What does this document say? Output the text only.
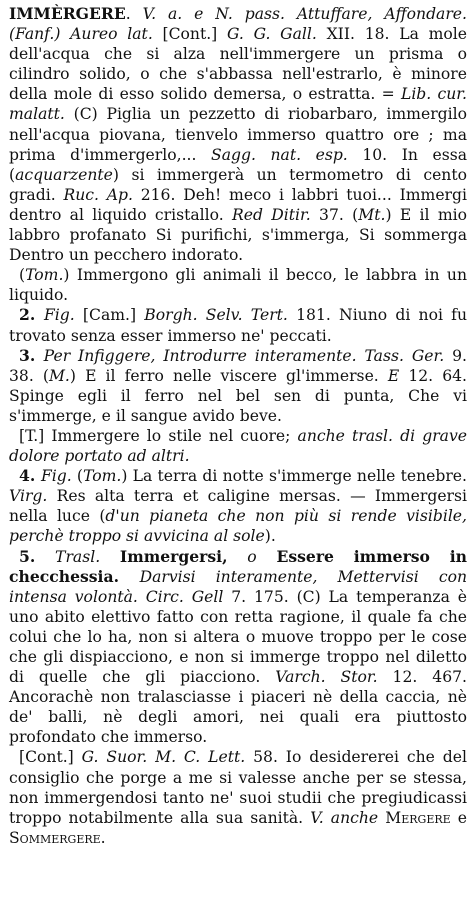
IMMÈRGERE. V. a. e N. pass. Attuffare, Affondare. (Fanf.) Aureo lat. [Cont.] G. G. Gall. XII. 18. La mole dell'acqua che si alza nell'immergere un prisma o cilindro solido, o che s'abbassa nell'estrarlo, è minore della mole di esso solido demersa, o estratta. = Lib. cur. malatt. (C) Piglia un pezzetto di riobarbaro, immergilo nell'acqua piovana, tienvelo immerso quattro ore ; ma prima d'immergerlo,... Sagg. nat. esp. 10. In essa (acquarzente) si immergerà un termometro di cento gradi. Ruc. Ap. 216. Deh! meco i labbri tuoi... Immergi dentro al liquido cristallo. Red Ditir. 37. (Mt.) E il mio labbro profanato Si purifichi, s'immerga, Si sommerga Dentro un pecchero indorato.

(Tom.) Immergono gli animali il becco, le labbra in un liquido.

2. Fig. [Cam.] Borgh. Selv. Tert. 181. Niuno di noi fu trovato senza esser immerso ne' peccati.

3. Per Infiggere, Introdurre interamente. Tass. Ger. 9. 38. (M.) E il ferro nelle viscere gl'immerse. E 12. 64. Spinge egli il ferro nel bel sen di punta, Che vi s'immerge, e il sangue avido beve.

[T.] Immergere lo stile nel cuore; anche trasl. di grave dolore portato ad altri.

4. Fig. (Tom.) La terra di notte s'immerge nelle tenebre. Virg. Res alta terra et caligine mersas. — Immergersi nella luce (d'un pianeta che non più si rende visibile, perchè troppo si avvicina al sole).

5. Trasl. Immergersi, o Essere immerso in checchessia. Darvisi interamente, Mettervisi con intensa volontà. Circ. Gell 7. 175. (C) La temperanza è uno abito elettivo fatto con retta ragione, il quale fa che colui che lo ha, non si altera o muove troppo per le cose che gli dispiacciono, e non si immerge troppo nel diletto di quelle che gli piacciono. Varch. Stor. 12. 467. Ancorachè non tralasciasse i piaceri nè della caccia, nè de' balli, nè degli amori, nei quali era piuttosto profondato che immerso.

[Cont.] G. Suor. M. C. Lett. 58. Io desidererei che del consiglio che porge a me si valesse anche per se stessa, non immergendosi tanto ne' suoi studii che pregiudicassi troppo notabilmente alla sua sanità. V. anche Mergere e Sommergere.
